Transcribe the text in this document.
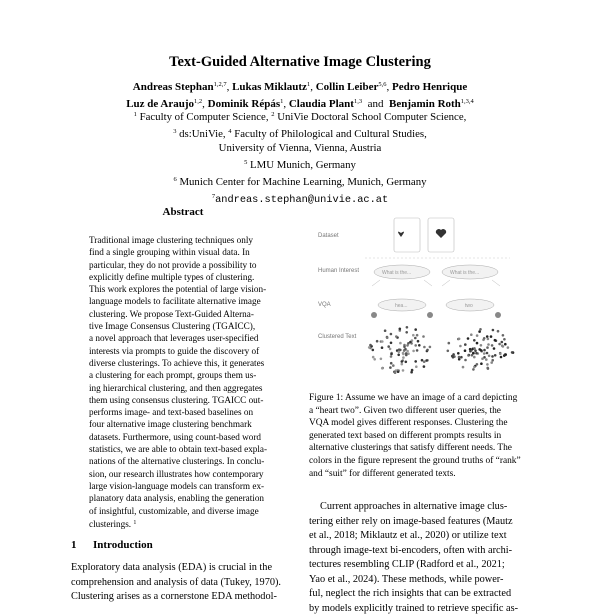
Text-Guided Alternative Image Clustering
Andreas Stephan$^{1,2,7}$, Lukas Miklautz$^1$, Collin Leiber$^{5,6}$, Pedro Henrique
Luz de Araujo$^{1,2}$, Dominik Répás$^1$, Claudia Plant$^{1,3}$ and Benjamin Roth$^{1,3,4}$
$^1$ Faculty of Computer Science, $^2$ UniVie Doctoral School Computer Science,
$^3$ ds:UniVie, $^4$ Faculty of Philological and Cultural Studies,
University of Vienna, Vienna, Austria
$^5$ LMU Munich, Germany
$^6$ Munich Center for Machine Learning, Munich, Germany
$^7$andreas.stephan@univie.ac.at
Abstract
Traditional image clustering techniques only
find a single grouping within visual data. In
particular, they do not provide a possibility to
explicitly define multiple types of clustering.
This work explores the potential of large vision-
language models to facilitate alternative image
clustering. We propose Text-Guided Alterna-
tive Image Consensus Clustering (TGAICC),
a novel approach that leverages user-specified
interests via prompts to guide the discovery of
diverse clusterings. To achieve this, it generates
a clustering for each prompt, groups them us-
ing hierarchical clustering, and then aggregates
them using consensus clustering. TGAICC out-
performs image- and text-based baselines on
four alternative image clustering benchmark
datasets. Furthermore, using count-based word
statistics, we are able to obtain text-based expla-
nations of the alternative clusterings. In conclu-
sion, our research illustrates how contemporary
large vision-language models can transform ex-
planatory data analysis, enabling the generation
of insightful, customizable, and diverse image
clusterings. $^1$
Dataset
Human Interest
VQA
Clustered Text
What is the...	What is the...
hea...	two
Figure 1: Assume we have an image of a card depicting
a “heart two”. Given two different user queries, the
VQA model gives different responses. Clustering the
generated text based on different prompts results in
alternative clusterings that satisfy different needs. The
colors in the figure represent the ground truths of “rank”
and “suit” for different generated texts.
1 Introduction
Exploratory data analysis (EDA) is crucial in the
comprehension and analysis of data (Tukey, 1970).
Clustering arises as a cornerstone EDA methodol-
Current approaches in alternative image clus-
tering either rely on image-based features (Mautz
et al., 2018; Miklautz et al., 2020) or utilize text
through image-text bi-encoders, often with archi-
tectures resembling CLIP (Radford et al., 2021;
Yao et al., 2024). These methods, while power-
ful, neglect the rich insights that can be extracted
by models explicitly trained to retrieve specific as-
